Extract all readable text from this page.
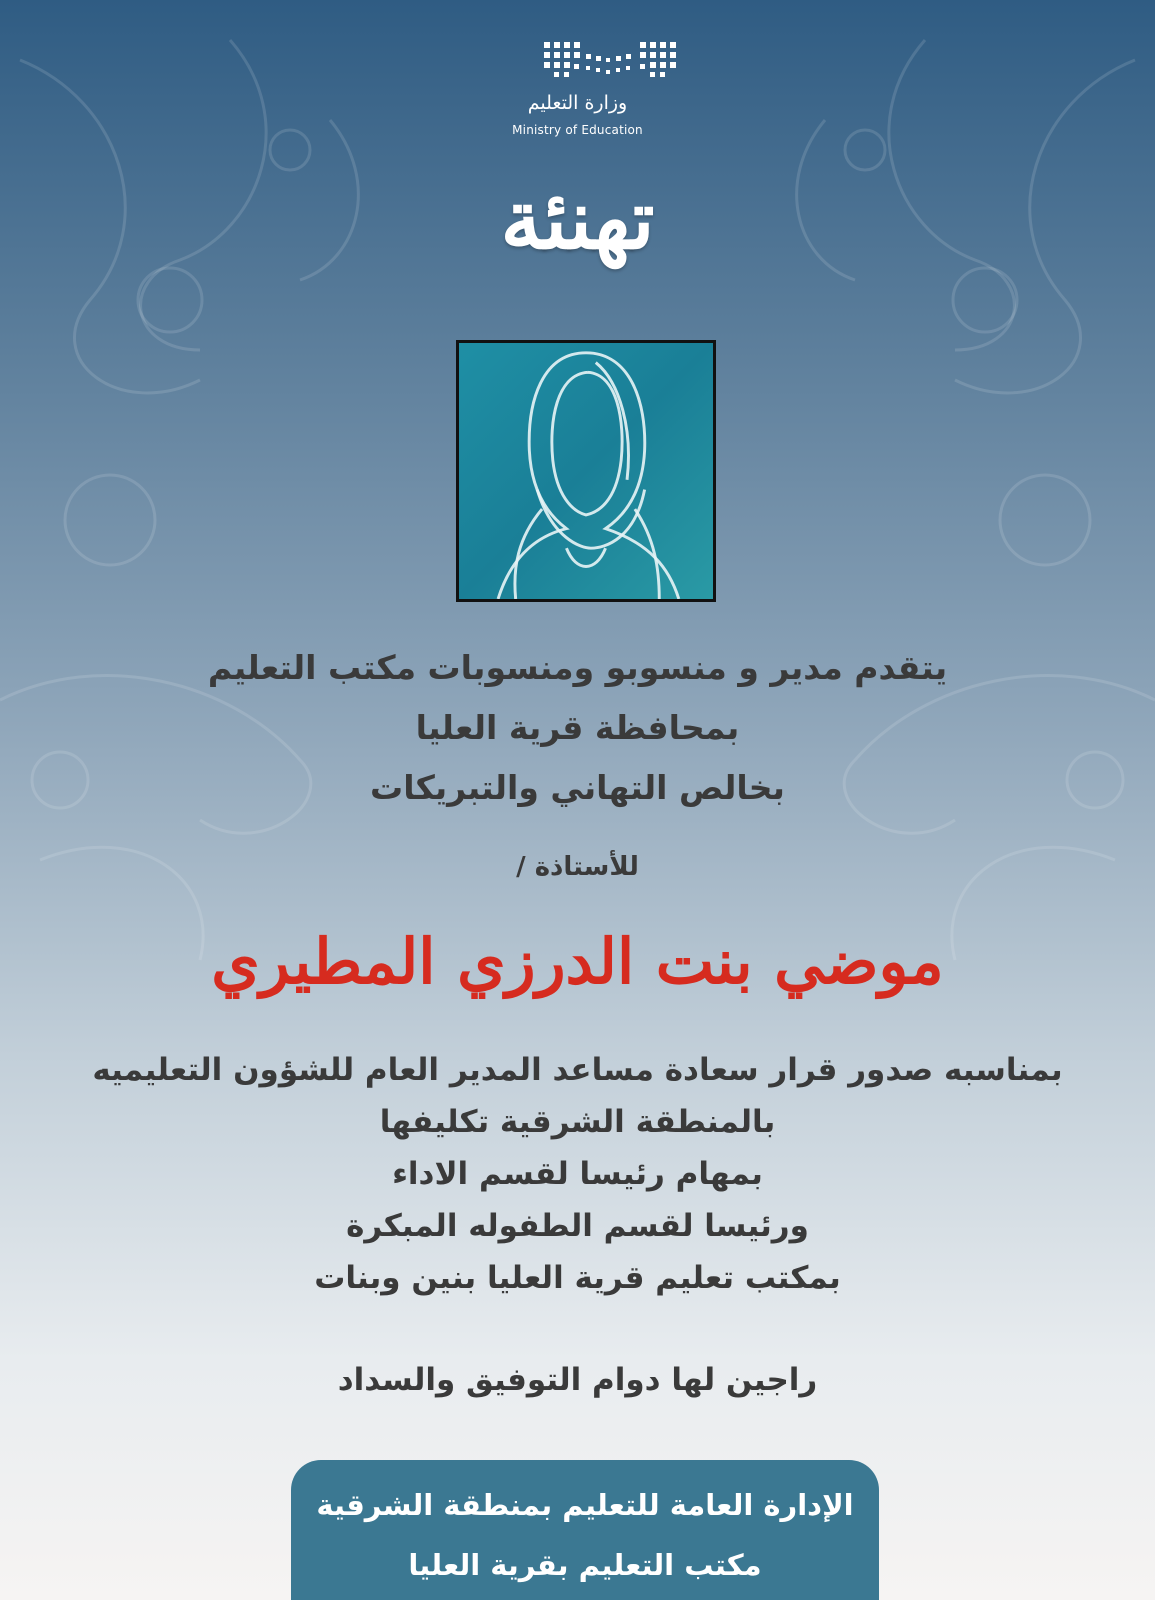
وزارة التعليم
Ministry of Education
تهنئة
يتقدم مدير و منسوبو ومنسوبات مكتب التعليم
بمحافظة قرية العليا
بخالص التهاني والتبريكات
للأستاذة /
موضي بنت الدرزي المطيري
بمناسبه صدور قرار سعادة مساعد المدير العام للشؤون التعليميه
بالمنطقة الشرقية تكليفها
بمهام رئيسا لقسم الاداء
ورئيسا لقسم الطفوله المبكرة
بمكتب تعليم قرية العليا بنين وبنات
راجين لها دوام التوفيق والسداد
الإدارة العامة للتعليم بمنطقة الشرقية
مكتب التعليم بقرية العليا
